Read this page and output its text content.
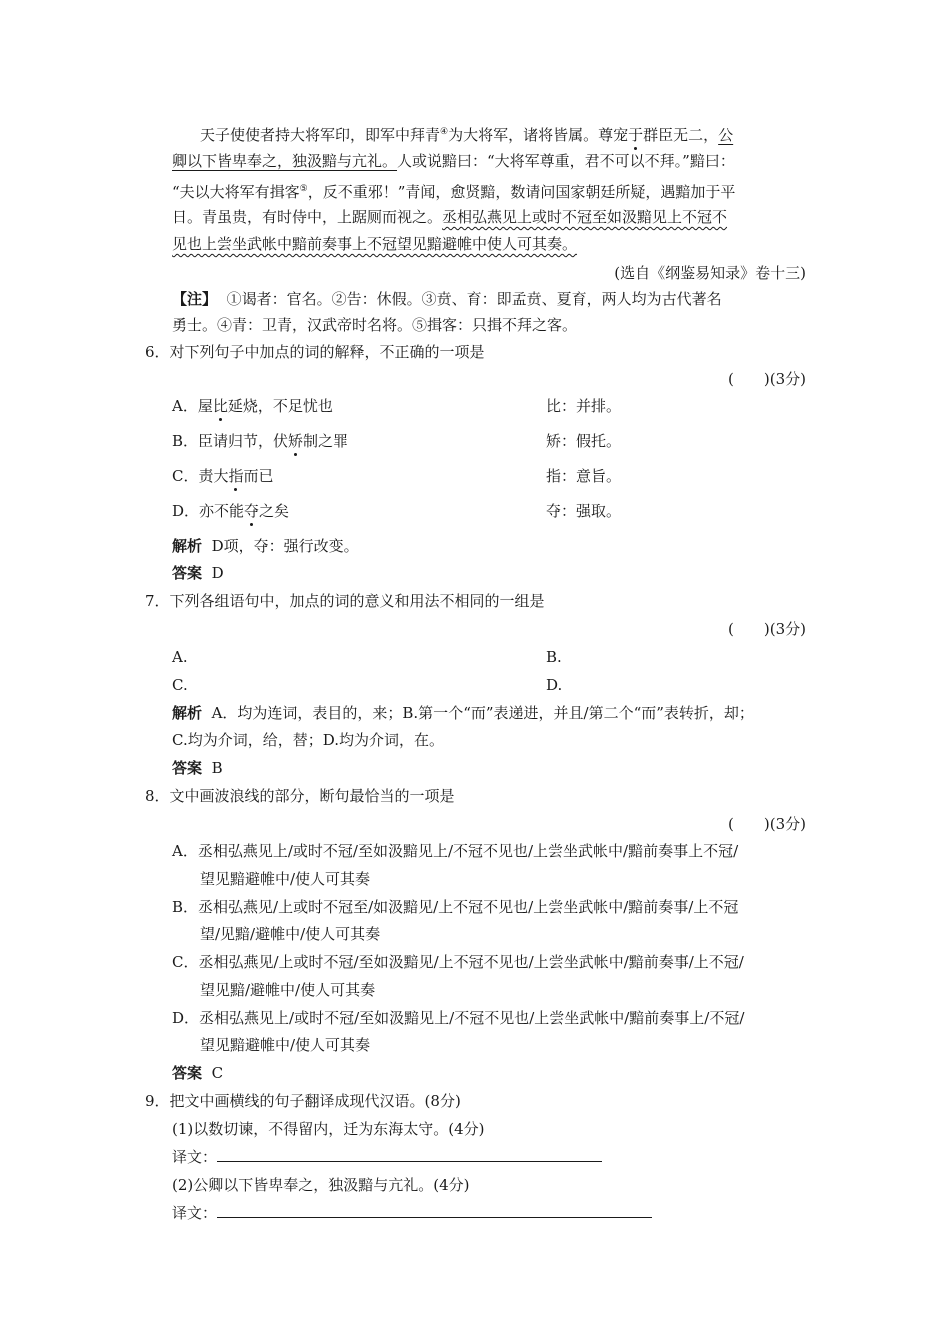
天子使使者持大将军印，即军中拜青④为大将军，诸将皆属。尊宠于群臣无二，公
卿以下皆卑奉之，独汲黯与亢礼。人或说黯曰：“大将军尊重，君不可以不拜。”黯曰：
“夫以大将军有揖客⑤，反不重邪！”青闻，愈贤黯，数请问国家朝廷所疑，遇黯加于平
日。青虽贵，有时侍中，上踞厕而视之。丞相弘燕见上或时不冠至如汲黯见上不冠不
见也上尝坐武帐中黯前奏事上不冠望见黯避帷中使人可其奏。
(选自《纲鉴易知录》卷十三)
【注】 ①谒者：官名。②告：休假。③贲、育：即孟贲、夏育，两人均为古代著名
勇士。④青：卫青，汉武帝时名将。⑤揖客：只揖不拜之客。
6．对下列句子中加点的词的解释，不正确的一项是
(　　)(3分)
A．屋比延烧，不足忧也	比：并排。
B．臣请归节，伏矫制之罪	矫：假托。
C．责大指而已	指：意旨。
D．亦不能夺之矣	夺：强取。
解析 D项，夺：强行改变。
答案 D
7．下列各组语句中，加点的词的意义和用法不相同的一组是
(　　)(3分)
A.	B.
C.	D.
解析 A．均为连词，表目的，来；B.第一个“而”表递进，并且/第二个“而”表转折，却；
C.均为介词，给，替；D.均为介词，在。
答案 B
8．文中画波浪线的部分，断句最恰当的一项是
(　　)(3分)
A．丞相弘燕见上/或时不冠/至如汲黯见上/不冠不见也/上尝坐武帐中/黯前奏事上不冠/
望见黯避帷中/使人可其奏
B．丞相弘燕见/上或时不冠至/如汲黯见/上不冠不见也/上尝坐武帐中/黯前奏事/上不冠
望/见黯/避帷中/使人可其奏
C．丞相弘燕见/上或时不冠/至如汲黯见/上不冠不见也/上尝坐武帐中/黯前奏事/上不冠/
望见黯/避帷中/使人可其奏
D．丞相弘燕见上/或时不冠/至如汲黯见上/不冠不见也/上尝坐武帐中/黯前奏事上/不冠/
望见黯避帷中/使人可其奏
答案 C
9．把文中画横线的句子翻译成现代汉语。(8分)
(1)以数切谏，不得留内，迁为东海太守。(4分)
译文：
(2)公卿以下皆卑奉之，独汲黯与亢礼。(4分)
译文：
